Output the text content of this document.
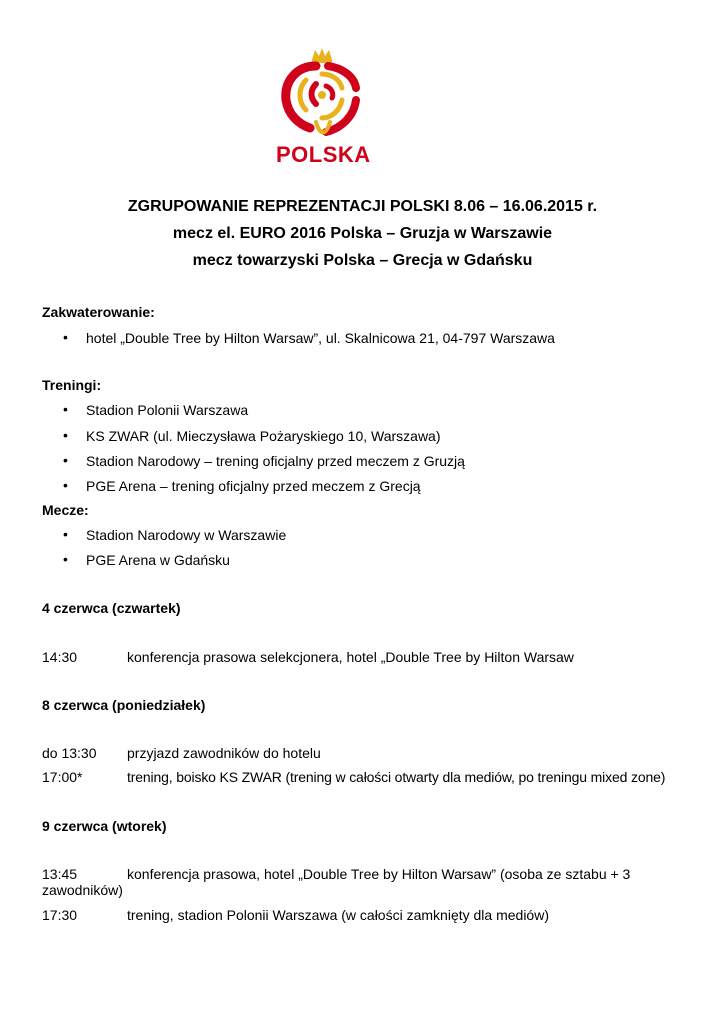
POLSKA
ZGRUPOWANIE REPREZENTACJI POLSKI 8.06 – 16.06.2015 r.
mecz el. EURO 2016 Polska – Gruzja w Warszawie
mecz towarzyski Polska – Grecja w Gdańsku
Zakwaterowanie:
• hotel „Double Tree by Hilton Warsaw”, ul. Skalnicowa 21, 04-797 Warszawa
Treningi:
• Stadion Polonii Warszawa
• KS ZWAR (ul. Mieczysława Pożaryskiego 10, Warszawa)
• Stadion Narodowy – trening oficjalny przed meczem z Gruzją
• PGE Arena – trening oficjalny przed meczem z Grecją
Mecze:
• Stadion Narodowy w Warszawie
• PGE Arena w Gdańsku
4 czerwca (czwartek)
14:30	konferencja prasowa selekcjonera, hotel „Double Tree by Hilton Warsaw
8 czerwca (poniedziałek)
do 13:30 przyjazd zawodników do hotelu
17:00*	trening, boisko KS ZWAR (trening w całości otwarty dla mediów, po treningu mixed zone)
9 czerwca (wtorek)
13:45	konferencja prasowa, hotel „Double Tree by Hilton Warsaw” (osoba ze sztabu + 3
zawodników)
17:30	trening, stadion Polonii Warszawa (w całości zamknięty dla mediów)
